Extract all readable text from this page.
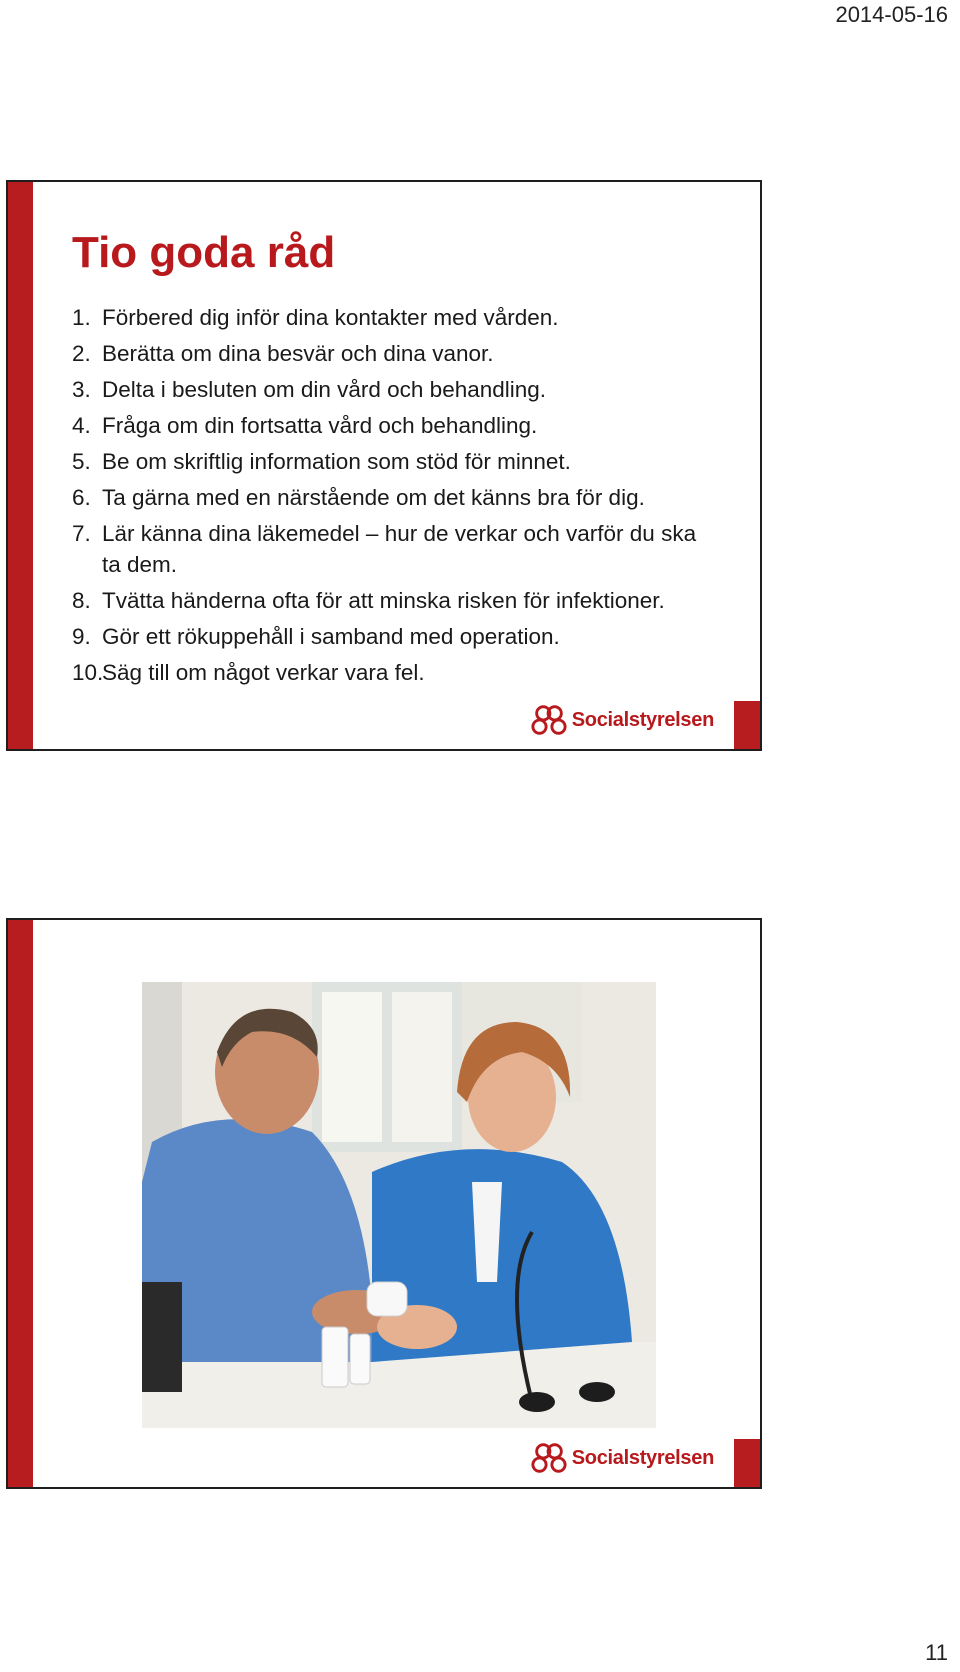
2014-05-16
Tio goda råd
1. Förbered dig inför dina kontakter med vården.
2. Berätta om dina besvär och dina vanor.
3. Delta i besluten om din vård och behandling.
4. Fråga om din fortsatta vård och behandling.
5. Be om skriftlig information som stöd för minnet.
6. Ta gärna med en närstående om det känns bra för dig.
7. Lär känna dina läkemedel – hur de verkar och varför du ska ta dem.
8. Tvätta händerna ofta för att minska risken för infektioner.
9. Gör ett rökuppehåll i samband med operation.
10.
Säg till om något verkar vara fel.
Socialstyrelsen
Socialstyrelsen
11
